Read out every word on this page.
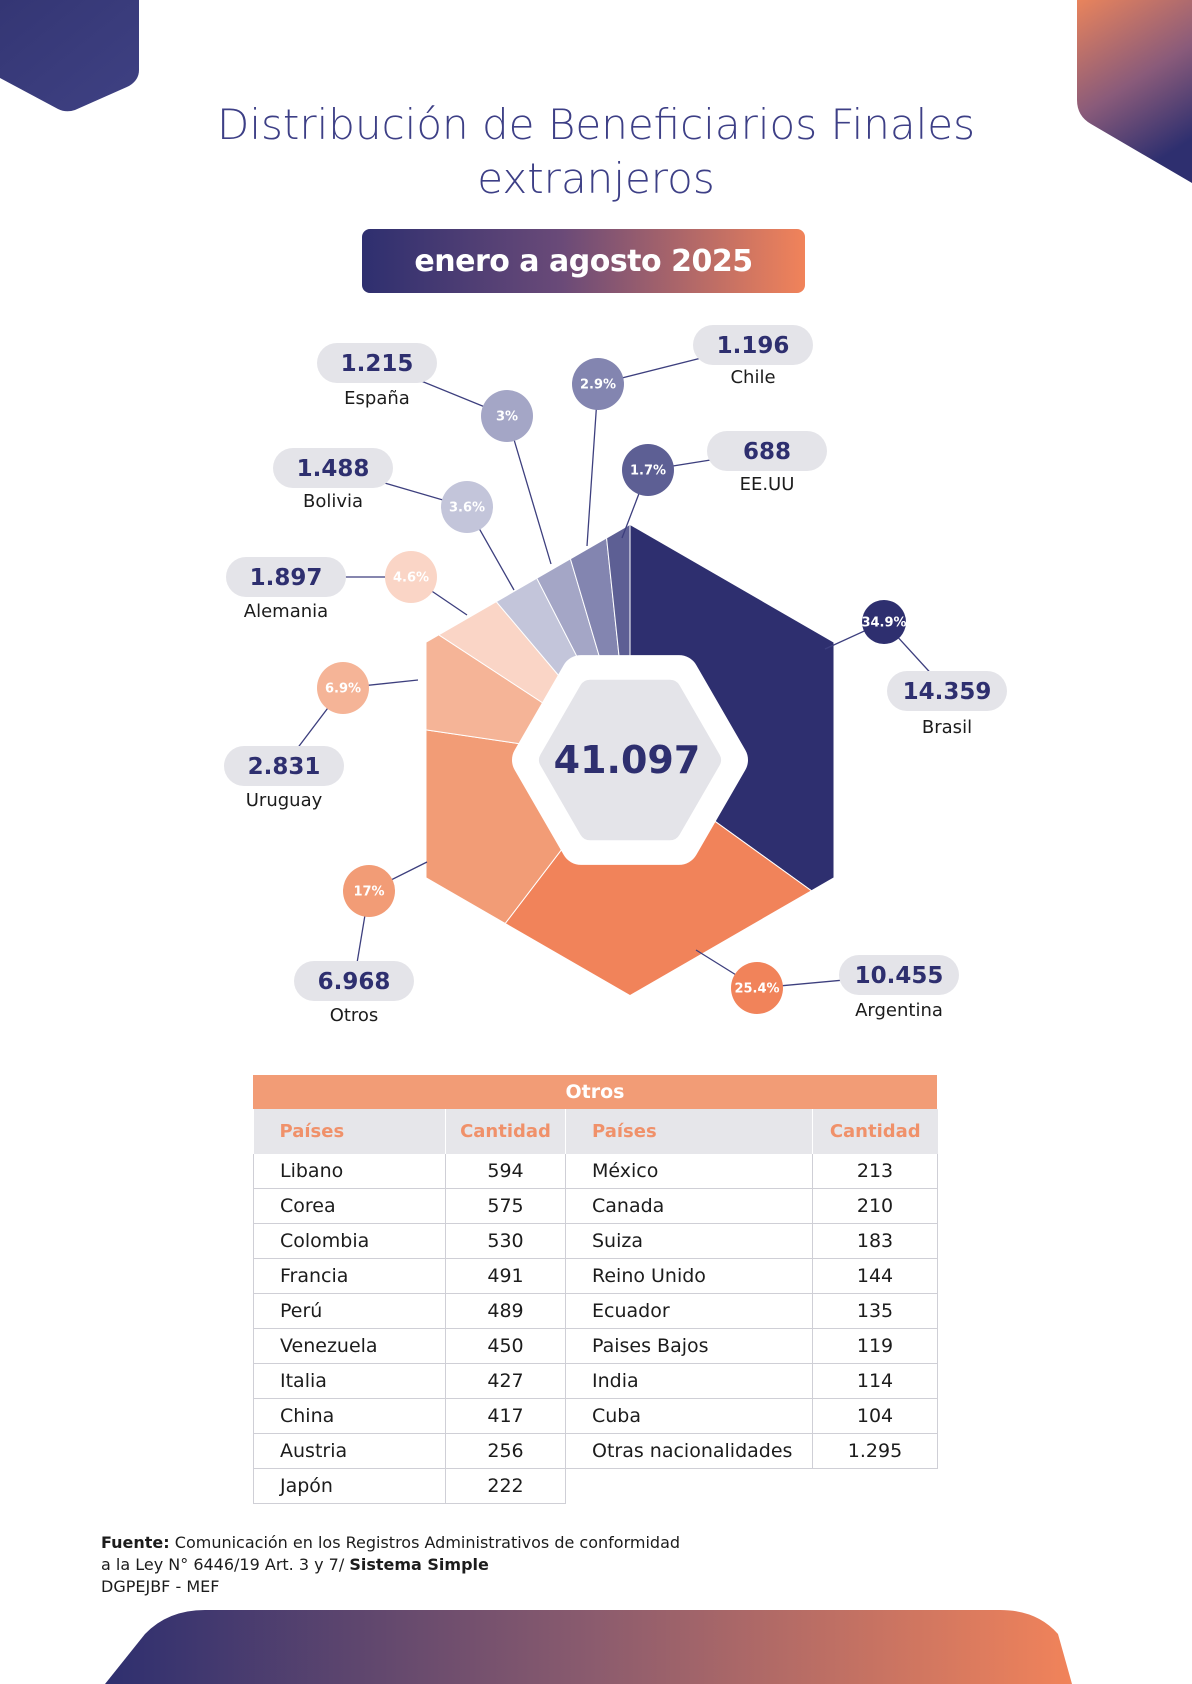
Distribución de Beneficiarios Finales
extranjeros
enero a agosto 2025
41.097
34.9%
14.359
Brasil
25.4%	10.455
Argentina
17%
6.968
Otros
6.9%
2.831
Uruguay
4.6%
1.897
Alemania
3.6%
1.488
Bolivia
3%
1.215
España
2.9%
1.196
Chile
1.7%
688
EE.UU
Otros
Países	Cantidad	Países	Cantidad
Libano	594	México	213
Corea	575	Canada	210
Colombia	530	Suiza	183
Francia	491	Reino Unido	144
Perú	489	Ecuador	135
Venezuela	450	Paises Bajos	119
Italia	427	India	114
China	417	Cuba	104
Austria	256	Otras nacionalidades	1.295
Japón	222		
Fuente: Comunicación en los Registros Administrativos de conformidad
a la Ley N° 6446/19 Art. 3 y 7/ Sistema Simple
DGPEJBF - MEF
